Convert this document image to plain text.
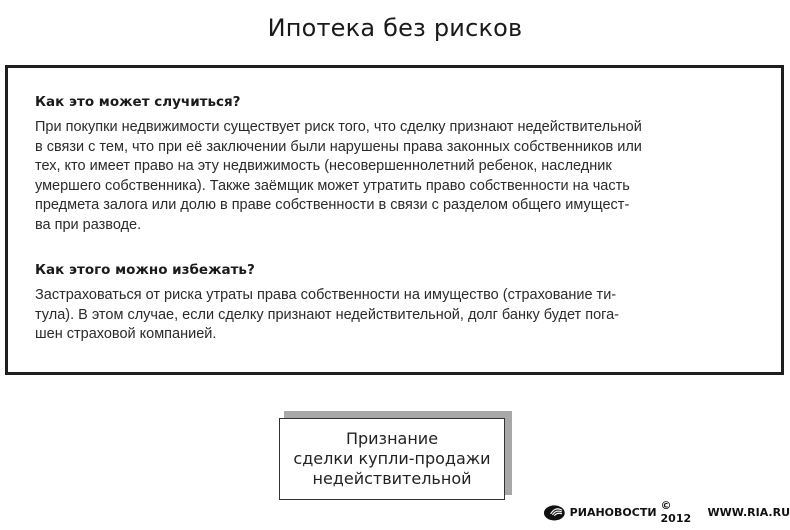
Ипотека без рисков

Как это может случиться?

При покупки недвижимости существует риск того, что сделку признают недействительной
в связи с тем, что при её заключении были нарушены права законных собственников или
тех, кто имеет право на эту недвижимость (несовершеннолетний ребенок, наследник
умершего собственника). Также заёмщик может утратить право собственности на часть
предмета залога или долю в праве собственности в связи с разделом общего имущест-
ва при разводе.

Как этого можно избежать?

Застраховаться от риска утраты права собственности на имущество (страхование ти-
тула). В этом случае, если сделку признают недействительной, долг банку будет пога-
шен страховой компанией.

Признание
сделки купли-продажи
недействительной
РИАНОВОСТИ © 2012	WWW.RIA.RU
